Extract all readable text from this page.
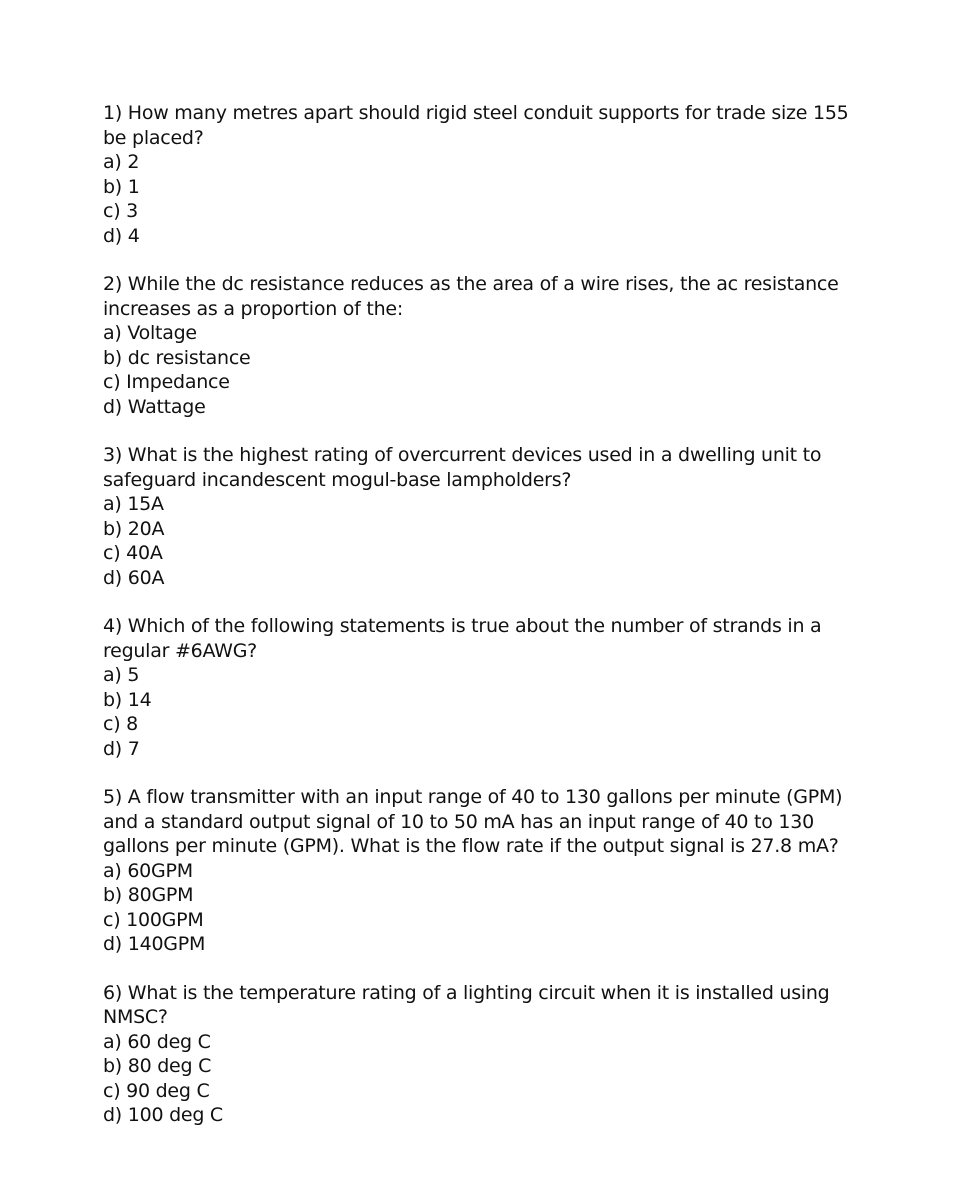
1) How many metres apart should rigid steel conduit supports for trade size 155 be placed?

a) 2

b) 1

c) 3

d) 4

2) While the dc resistance reduces as the area of a wire rises, the ac resistance increases as a proportion of the:

a) Voltage

b) dc resistance

c) Impedance

d) Wattage

3) What is the highest rating of overcurrent devices used in a dwelling unit to safeguard incandescent mogul-base lampholders?

a) 15A

b) 20A

c) 40A

d) 60A

4) Which of the following statements is true about the number of strands in a regular #6AWG?

a) 5

b) 14

c) 8

d) 7

5) A flow transmitter with an input range of 40 to 130 gallons per minute (GPM) and a standard output signal of 10 to 50 mA has an input range of 40 to 130 gallons per minute (GPM). What is the flow rate if the output signal is 27.8 mA?

a) 60GPM

b) 80GPM

c) 100GPM

d) 140GPM

6) What is the temperature rating of a lighting circuit when it is installed using NMSC?

a) 60 deg C

b) 80 deg C

c) 90 deg C

d) 100 deg C
